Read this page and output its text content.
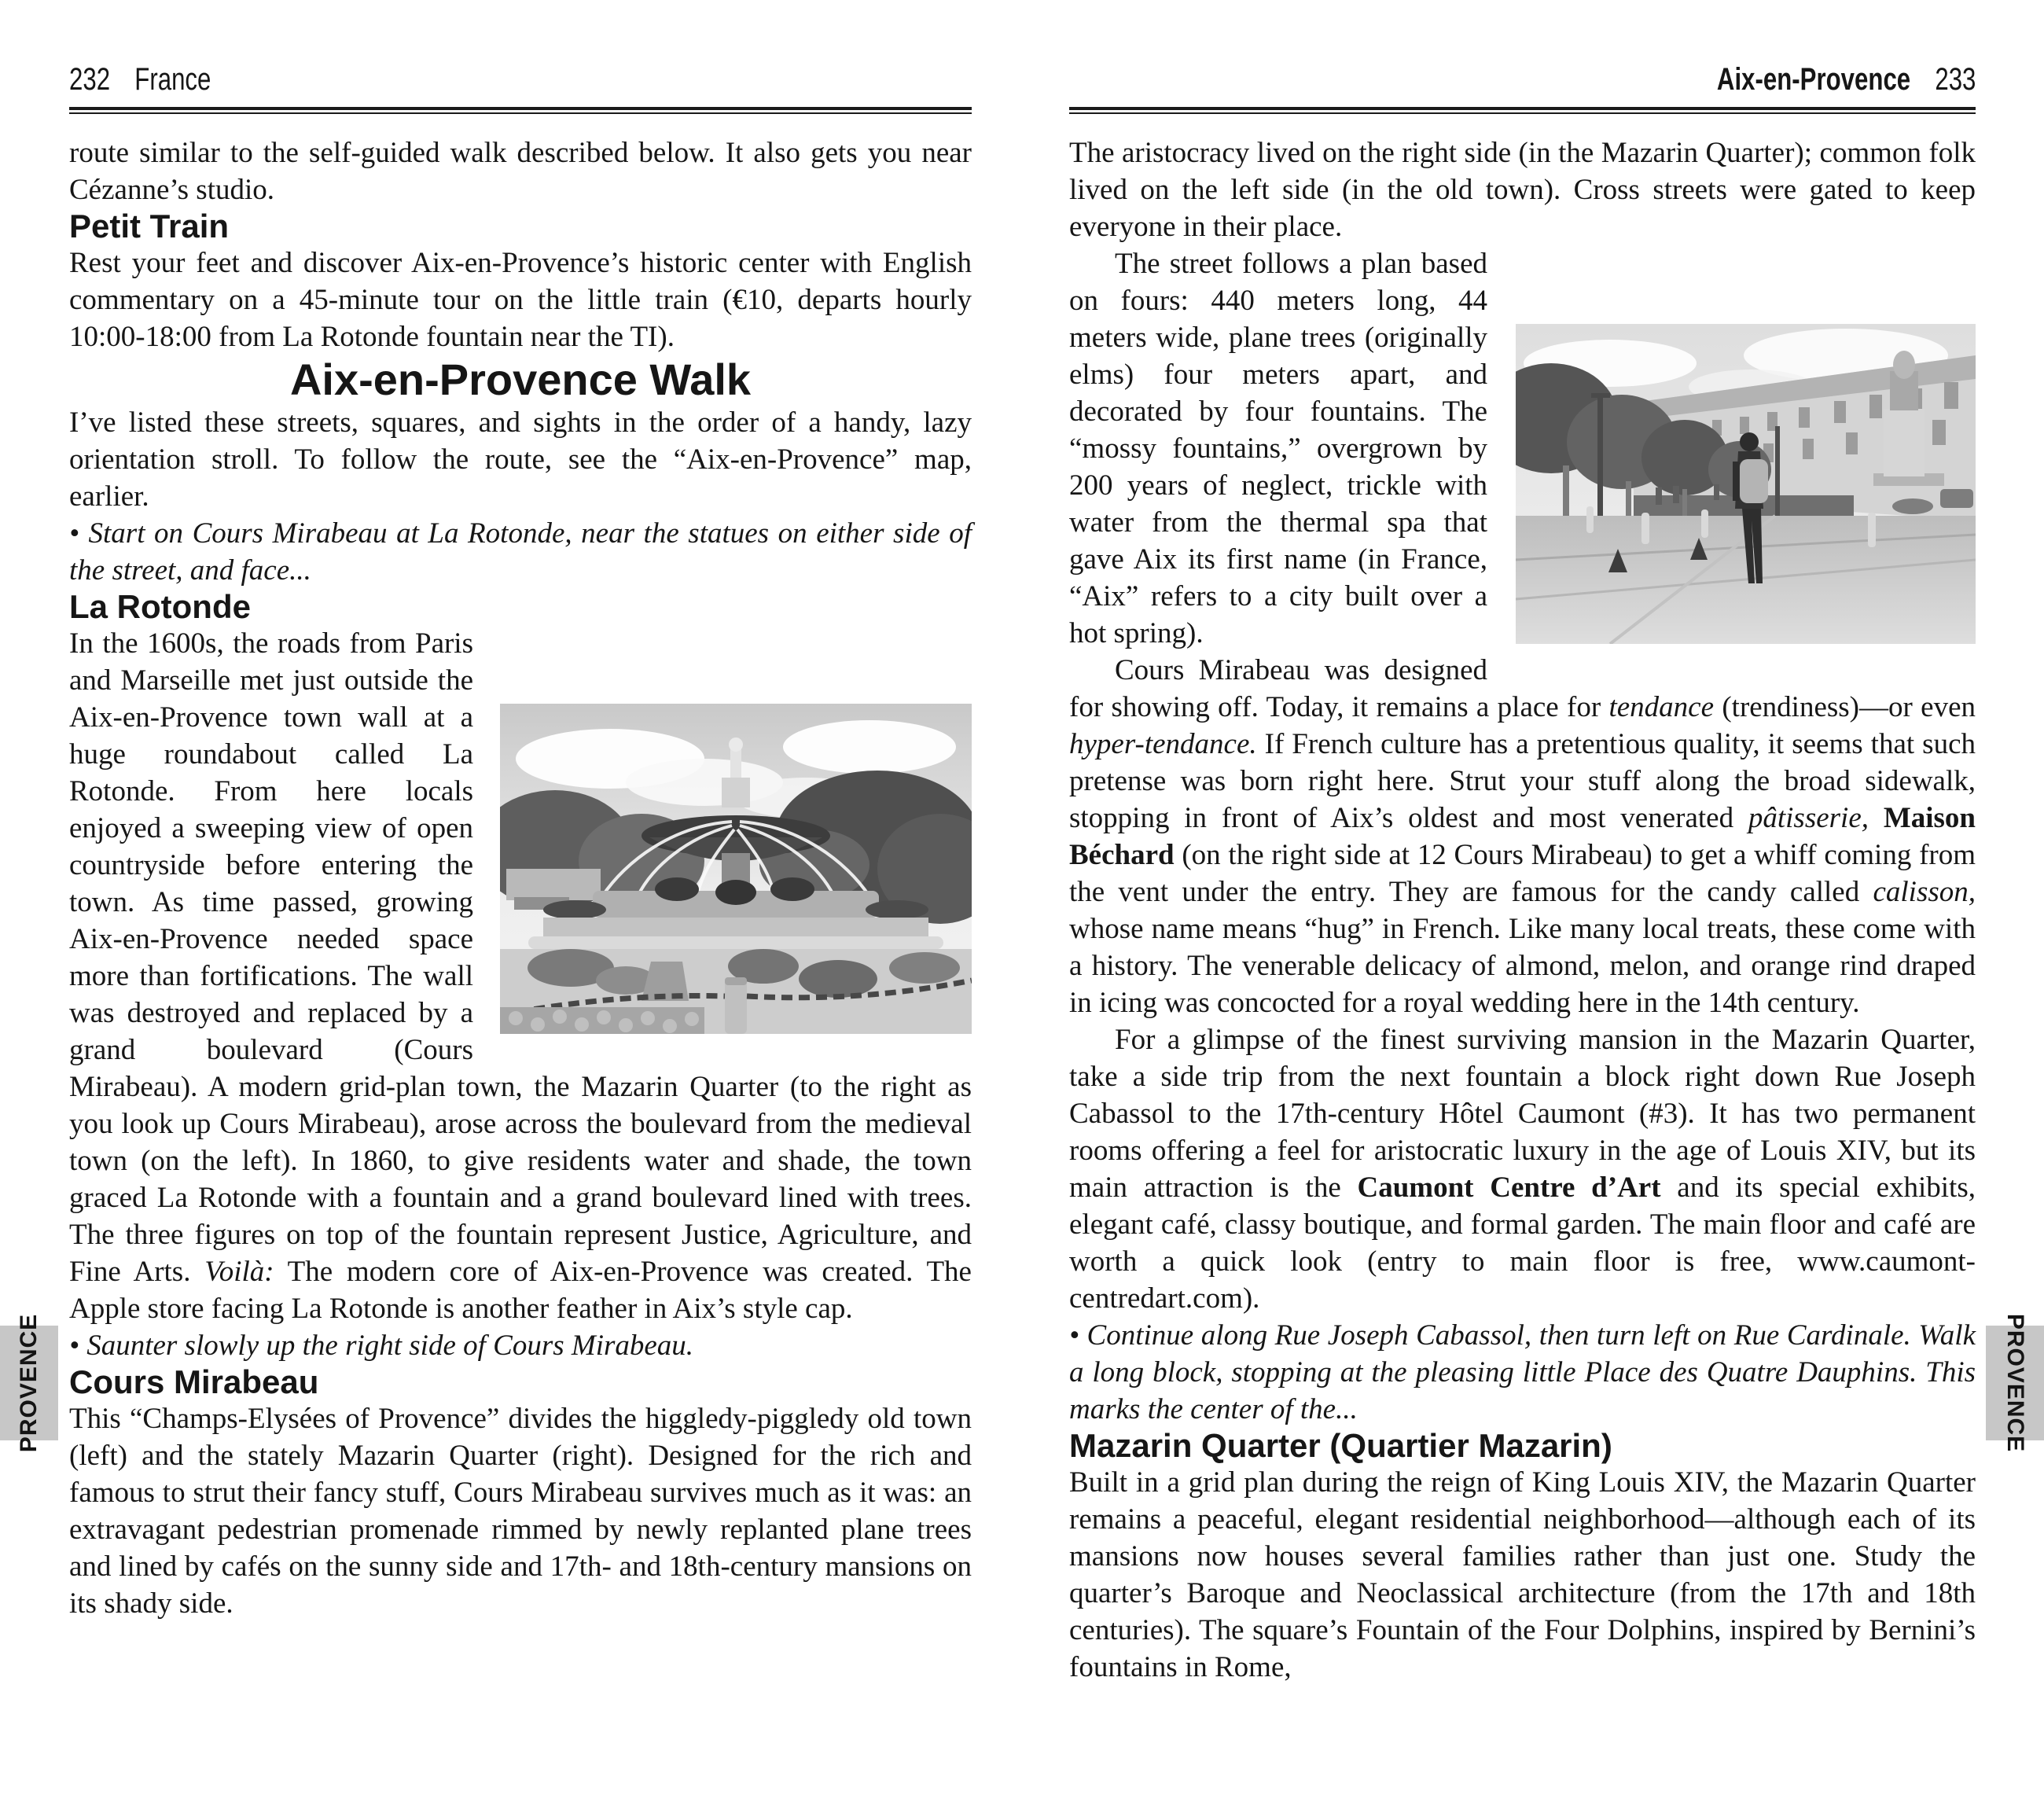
232 France

route similar to the self-guided walk described below. It also gets you near Cézanne’s studio.

Petit Train

Rest your feet and discover Aix-en-Provence’s historic center with English commentary on a 45-minute tour on the little train (€10, departs hourly 10:00-18:00 from La Rotonde fountain near the TI).

Aix-en-Provence Walk

I’ve listed these streets, squares, and sights in the order of a handy, lazy orientation stroll. To follow the route, see the “Aix-en-Provence” map, earlier.

• Start on Cours Mirabeau at La Rotonde, near the statues on either side of the street, and face...

La Rotonde

In the 1600s, the roads from Paris and Marseille met just outside the Aix-en-Provence town wall at a huge roundabout called La Rotonde. From here locals enjoyed a sweeping view of open countryside before entering the town. As time passed, growing Aix-en-Provence needed space more than fortifications. The wall was destroyed and replaced by a grand boulevard (Cours Mirabeau). A modern grid-plan town, the Mazarin Quarter (to the right as you look up Cours Mirabeau), arose across the boulevard from the medieval town (on the left). In 1860, to give residents water and shade, the town graced La Rotonde with a fountain and a grand boulevard lined with trees. The three figures on top of the fountain represent Justice, Agriculture, and Fine Arts. Voilà: The modern core of Aix-en-Provence was created. The Apple store facing La Rotonde is another feather in Aix’s style cap.

• Saunter slowly up the right side of Cours Mirabeau.

Cours Mirabeau

This “Champs-Elysées of Provence” divides the higgledy-piggledy old town (left) and the stately Mazarin Quarter (right). Designed for the rich and famous to strut their fancy stuff, Cours Mirabeau survives much as it was: an extravagant pedestrian promenade rimmed by newly replanted plane trees and lined by cafés on the sunny side and 17th- and 18th-century mansions on its shady side.

Aix-en-Provence 233

The aristocracy lived on the right side (in the Mazarin Quarter); common folk lived on the left side (in the old town). Cross streets were gated to keep everyone in their place.

The street follows a plan based on fours: 440 meters long, 44 meters wide, plane trees (originally elms) four meters apart, and decorated by four fountains. The “mossy fountains,” overgrown by 200 years of neglect, trickle with water from the thermal spa that gave Aix its first name (in France, “Aix” refers to a city built over a hot spring).

Cours Mirabeau was designed for showing off. Today, it remains a place for tendance (trendiness)—or even hyper-tendance. If French culture has a pretentious quality, it seems that such pretense was born right here. Strut your stuff along the broad sidewalk, stopping in front of Aix’s oldest and most venerated pâtisserie, Maison Béchard (on the right side at 12 Cours Mirabeau) to get a whiff coming from the vent under the entry. They are famous for the candy called calisson, whose name means “hug” in French. Like many local treats, these come with a history. The venerable delicacy of almond, melon, and orange rind draped in icing was concocted for a royal wedding here in the 14th century.

For a glimpse of the finest surviving mansion in the Mazarin Quarter, take a side trip from the next fountain a block right down Rue Joseph Cabassol to the 17th-century Hôtel Caumont (#3). It has two permanent rooms offering a feel for aristocratic luxury in the age of Louis XIV, but its main attraction is the Caumont Centre d’Art and its special exhibits, elegant café, classy boutique, and formal garden. The main floor and café are worth a quick look (entry to main floor is free, www.caumont-centredart.com).

• Continue along Rue Joseph Cabassol, then turn left on Rue Cardinale. Walk a long block, stopping at the pleasing little Place des Quatre Dauphins. This marks the center of the...

Mazarin Quarter (Quartier Mazarin)

Built in a grid plan during the reign of King Louis XIV, the Mazarin Quarter remains a peaceful, elegant residential neighborhood—although each of its mansions now houses several families rather than just one. Study the quarter’s Baroque and Neoclassical architecture (from the 17th and 18th centuries). The square’s Fountain of the Four Dolphins, inspired by Bernini’s fountains in Rome,

PROVENCE	PROVENCE
